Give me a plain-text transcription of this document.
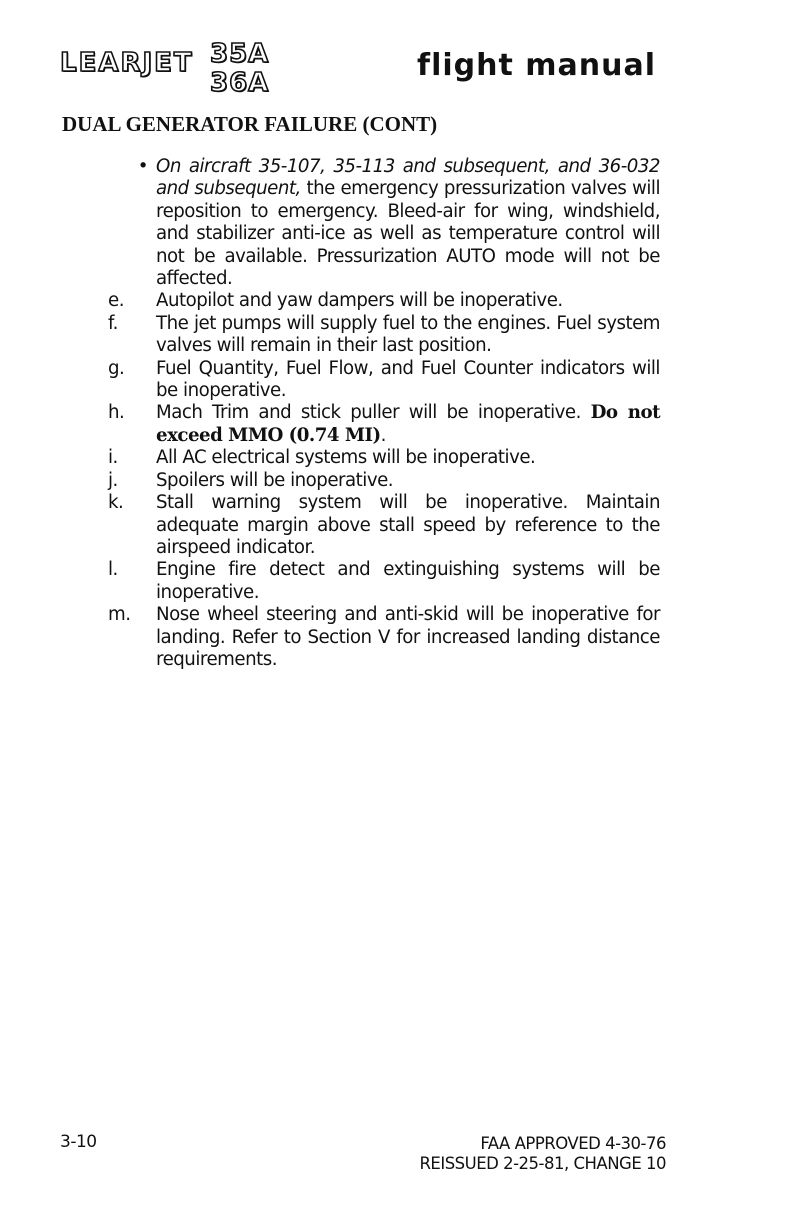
LEARJET 35A
36A	flight manual
DUAL GENERATOR FAILURE (CONT)
• On aircraft 35-107, 35-113 and subsequent, and 36-032 and subsequent, the emergency pressurization valves will reposition to emergency. Bleed-air for wing, windshield, and stabilizer anti-ice as well as temperature control will not be available. Pressurization AUTO mode will not be affected.
e.	Autopilot and yaw dampers will be inoperative.
f.	The jet pumps will supply fuel to the engines. Fuel system valves will remain in their last position.
g.	Fuel Quantity, Fuel Flow, and Fuel Counter indicators will be inoperative.
h.	Mach Trim and stick puller will be inoperative. Do not exceed MMO (0.74 MI).
i.	All AC electrical systems will be inoperative.
j.	Spoilers will be inoperative.
k.	Stall warning system will be inoperative. Maintain adequate margin above stall speed by reference to the airspeed indicator.
l.	Engine fire detect and extinguishing systems will be inoperative.
m.	Nose wheel steering and anti-skid will be inoperative for landing. Refer to Section V for increased landing distance requirements.
3-10	FAA APPROVED 4-30-76
REISSUED 2-25-81, CHANGE 10
